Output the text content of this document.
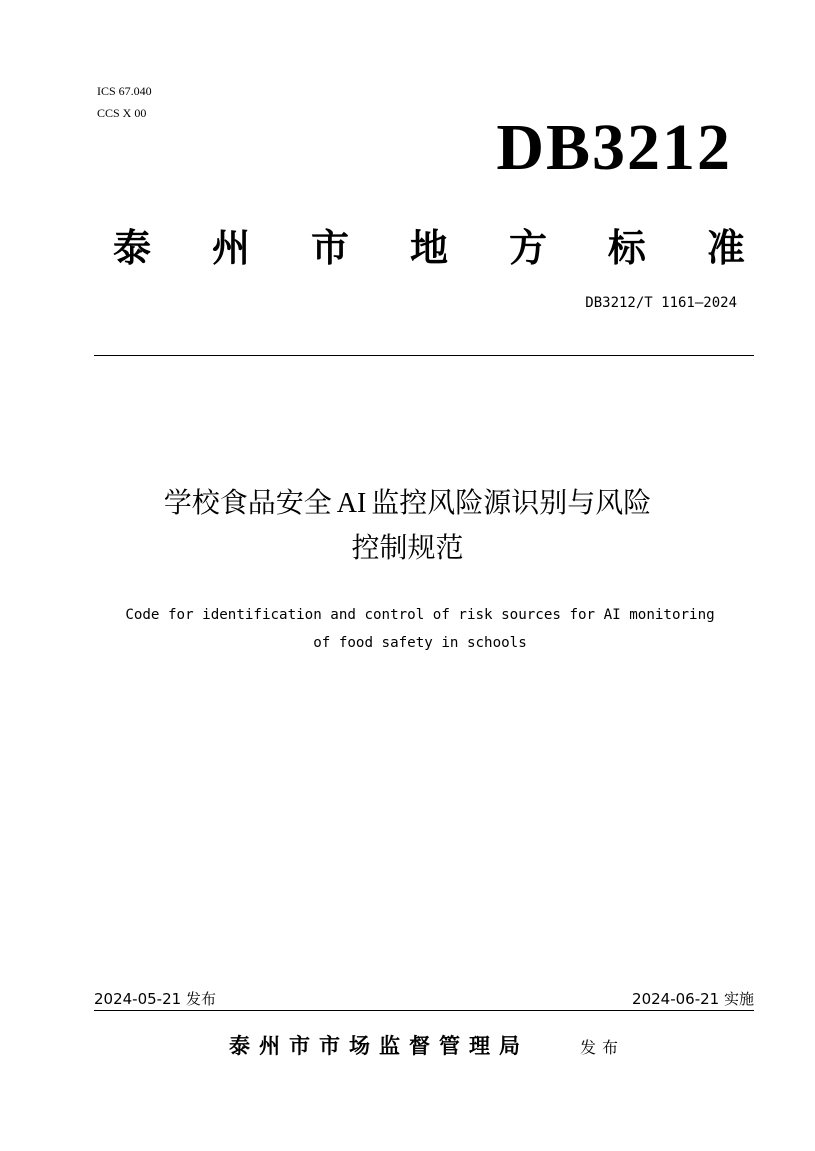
ICS 67.040
CCS X 00	DB3212
泰 州 市 地 方 标 准
DB3212/T 1161—2024
学校食品安全 AI 监控风险源识别与风险
控制规范
Code for identification and control of risk sources for AI monitoring
of food safety in schools
2024-05-21 发布	2024-06-21 实施
泰州市市场监督管理局	发布
